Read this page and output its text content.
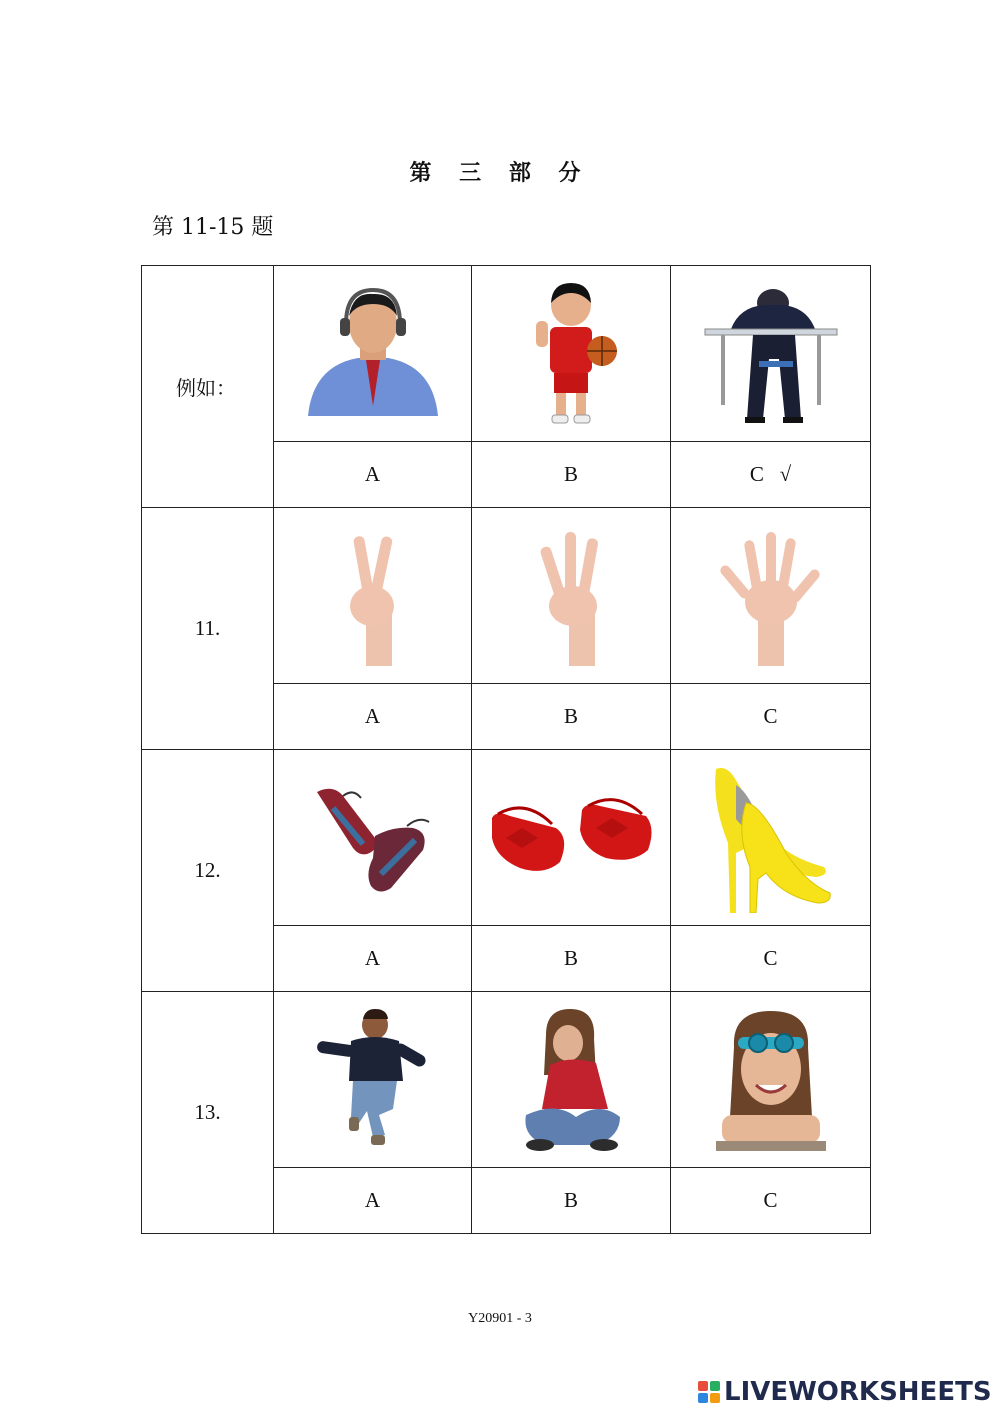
第 三 部 分
第 11-15 题
例如：	

	A	B	C √
11.	

	A	B	C
12.	

	A	B	C
13.	

	A	B	C
Y20901 - 3
LIVEWORKSHEETS
